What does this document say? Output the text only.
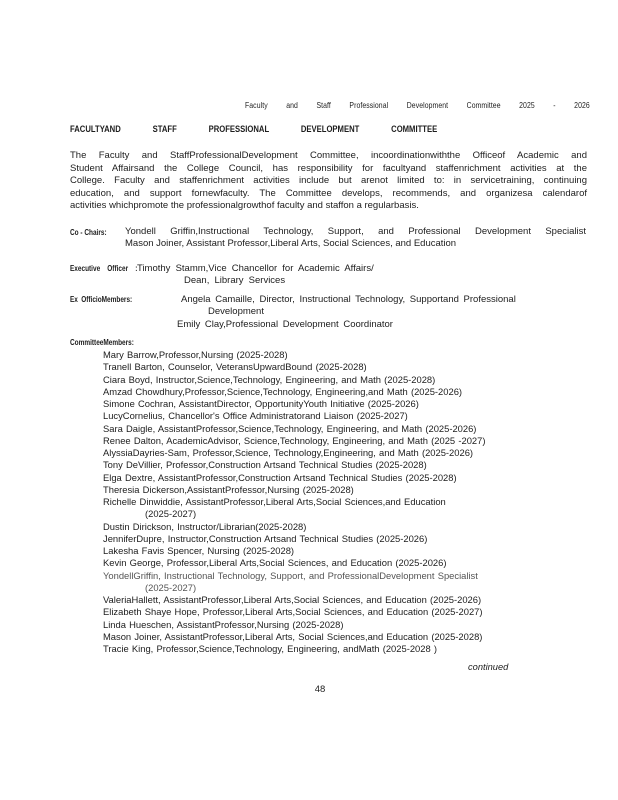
Faculty and Staff Professional Development Committee 2025 - 2026
FACULTYAND STAFF PROFESSIONAL DEVELOPMENT COMMITTEE
The Faculty and StaffProfessionalDevelopment Committee, incoordinationwiththe Officeof Academic and
Student Affairsand the College Council, has responsibility for facultyand staffenrichment activities at the
College. Faculty and staffenrichment activities include but arenot limited to: in servicetraining, continuing
education, and support fornewfaculty. The Committee develops, recommends, and organizesa calendarof
activities whichpromote the professionalgrowthof faculty and staffon a regularbasis.
Co - Chairs: Yondell Griffin,Instructional Technology, Support, and Professional Development Specialist
Mason Joiner, Assistant Professor,Liberal Arts, Social Sciences, and Education
Executive Officer : Timothy Stamm,Vice Chancellor for Academic Affairs/
Dean, Library Services
Ex OfficioMembers:	Angela Camaille, Director, Instructional Technology, Supportand Professional
Development
Emily Clay,Professional Development Coordinator
CommitteeMembers:
Mary Barrow,Professor,Nursing (2025-2028)
Tranell Barton, Counselor, VeteransUpwardBound (2025-2028)
Ciara Boyd, Instructor,Science,Technology, Engineering, and Math (2025-2028)
Amzad Chowdhury,Professor,Science,Technology, Engineering,and Math (2025-2026)
Simone Cochran, AssistantDirector, OpportunityYouth Initiative (2025-2026)
LucyCornelius, Chancellor's Office Administratorand Liaison (2025-2027)
Sara Daigle, AssistantProfessor,Science,Technology, Engineering, and Math (2025-2026)
Renee Dalton, AcademicAdvisor, Science,Technology, Engineering, and Math (2025 -2027)
AlyssiaDayries-Sam, Professor,Science, Technology,Engineering, and Math (2025-2026)
Tony DeVillier, Professor,Construction Artsand Technical Studies (2025-2028)
Elga Dextre, AssistantProfessor,Construction Artsand Technical Studies (2025-2028)
Theresia Dickerson,AssistantProfessor,Nursing (2025-2028)
Richelle Dinwiddie, AssistantProfessor,Liberal Arts,Social Sciences,and Education
(2025-2027)
Dustin Dirickson, Instructor/Librarian(2025-2028)
JenniferDupre, Instructor,Construction Artsand Technical Studies (2025-2026)
Lakesha Favis Spencer, Nursing (2025-2028)
Kevin George, Professor,Liberal Arts,Social Sciences, and Education (2025-2026)
YondellGriffin, Instructional Technology, Support, and ProfessionalDevelopment Specialist
(2025-2027)
ValeriaHallett, AssistantProfessor,Liberal Arts,Social Sciences, and Education (2025-2026)
Elizabeth Shaye Hope, Professor,Liberal Arts,Social Sciences, and Education (2025-2027)
Linda Hueschen, AssistantProfessor,Nursing (2025-2028)
Mason Joiner, AssistantProfessor,Liberal Arts, Social Sciences,and Education (2025-2028)
Tracie King, Professor,Science,Technology, Engineering, andMath (2025-2028 )
continued
48
